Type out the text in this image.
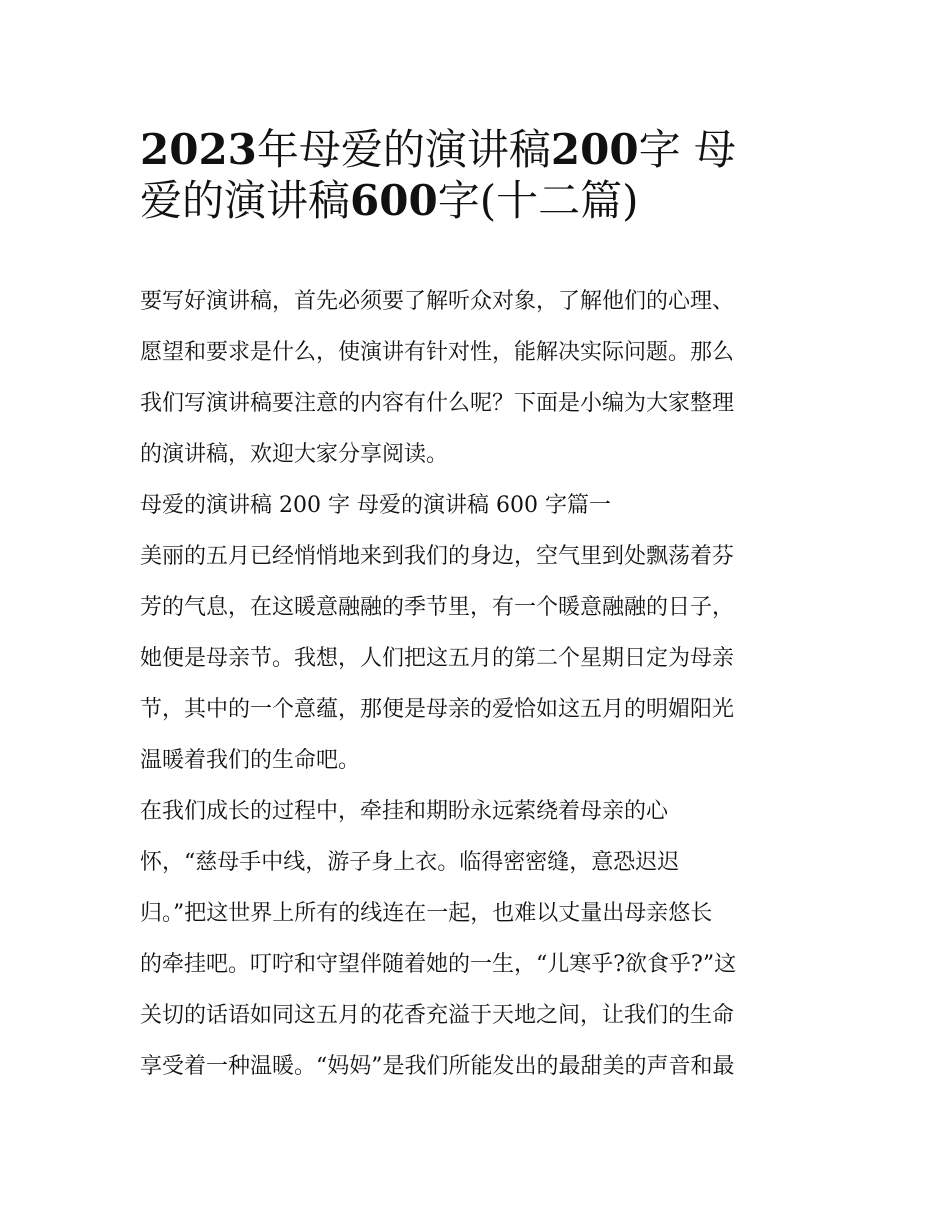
2023年母爱的演讲稿200字 母
爱的演讲稿600字(十二篇)
要写好演讲稿，首先必须要了解听众对象，了解他们的心理、
愿望和要求是什么，使演讲有针对性，能解决实际问题。那么
我们写演讲稿要注意的内容有什么呢？下面是小编为大家整理
的演讲稿，欢迎大家分享阅读。
母爱的演讲稿 200 字 母爱的演讲稿 600 字篇一
美丽的五月已经悄悄地来到我们的身边，空气里到处飘荡着芬
芳的气息，在这暖意融融的季节里，有一个暖意融融的日子，
她便是母亲节。我想，人们把这五月的第二个星期日定为母亲
节，其中的一个意蕴，那便是母亲的爱恰如这五月的明媚阳光
温暖着我们的生命吧。
在我们成长的过程中，牵挂和期盼永远萦绕着母亲的心
怀，“慈母手中线，游子身上衣。临得密密缝，意恐迟迟
归。”把这世界上所有的线连在一起，也难以丈量出母亲悠长
的牵挂吧。叮咛和守望伴随着她的一生，“儿寒乎?欲食乎?”这
关切的话语如同这五月的花香充溢于天地之间，让我们的生命
享受着一种温暖。“妈妈”是我们所能发出的最甜美的声音和最
